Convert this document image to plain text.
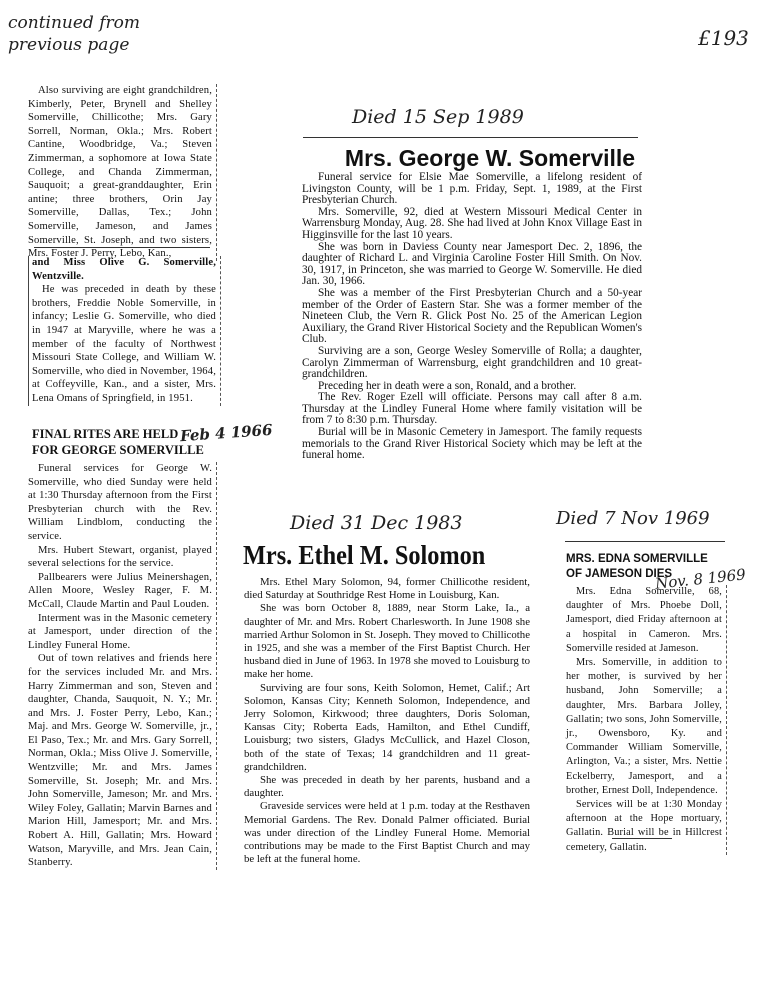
continued from
previous page	£193
Died 15 Sep 1989
Died 31 Dec 1983	Died 7 Nov 1969
Feb 4 1966
Nov. 8 1969

Also surviving are eight grandchildren, Kimberly, Peter, Brynell and Shelley Somerville, Chillicothe; Mrs. Gary Sorrell, Norman, Okla.; Mrs. Robert Cantine, Woodbridge, Va.; Steven Zimmerman, a sophomore at Iowa State College, and Chanda Zimmerman, Sauquoit; a great-granddaughter, Erin antine; three brothers, Orin Jay Somerville, Dallas, Tex.; John Somerville, Jameson, and James Somerville, St. Joseph, and two sisters, Mrs. Foster J. Perry, Lebo, Kan.,

and Miss Olive G. Somerville, Wentzville.

He was preceded in death by these brothers, Freddie Noble Somerville, in infancy; Leslie G. Somerville, who died in 1947 at Maryville, where he was a member of the faculty of Northwest Missouri State College, and William W. Somerville, who died in November, 1964, at Coffeyville, Kan., and a sister, Mrs. Lena Omans of Springfield, in 1951.

FINAL RITES ARE HELD
FOR GEORGE SOMERVILLE

Funeral services for George W. Somerville, who died Sunday were held at 1:30 Thursday afternoon from the First Presbyterian church with the Rev. William Lindblom, conducting the service.

Mrs. Hubert Stewart, organist, played several selections for the service.

Pallbearers were Julius Meinershagen, Allen Moore, Wesley Rager, F. M. McCall, Claude Martin and Paul Louden.

Interment was in the Masonic cemetery at Jamesport, under direction of the Lindley Funeral Home.

Out of town relatives and friends here for the services included Mr. and Mrs. Harry Zimmerman and son, Steven and daughter, Chanda, Sauquoit, N. Y.; Mr. and Mrs. J. Foster Perry, Lebo, Kan.; Maj. and Mrs. George W. Somerville, jr., El Paso, Tex.; Mr. and Mrs. Gary Sorrell, Norman, Okla.; Miss Olive J. Somerville, Wentzville; Mr. and Mrs. James Somerville, St. Joseph; Mr. and Mrs. John Somerville, Jameson; Mr. and Mrs. Wiley Foley, Gallatin; Marvin Barnes and Marion Hill, Jamesport; Mr. and Mrs. Robert A. Hill, Gallatin; Mrs. Howard Watson, Maryville, and Mrs. Jean Cain, Stanberry.

Mrs. George W. Somerville

Funeral service for Elsie Mae Somerville, a lifelong resident of Livingston County, will be 1 p.m. Friday, Sept. 1, 1989, at the First Presbyterian Church.

Mrs. Somerville, 92, died at Western Missouri Medical Center in Warrensburg Monday, Aug. 28. She had lived at John Knox Village East in Higginsville for the last 10 years.

She was born in Daviess County near Jamesport Dec. 2, 1896, the daughter of Richard L. and Virginia Caroline Foster Hill Smith. On Nov. 30, 1917, in Princeton, she was married to George W. Somerville. He died Jan. 30, 1966.

She was a member of the First Presbyterian Church and a 50-year member of the Order of Eastern Star. She was a former member of the Nineteen Club, the Vern R. Glick Post No. 25 of the American Legion Auxiliary, the Grand River Historical Society and the Republican Women's Club.

Surviving are a son, George Wesley Somerville of Rolla; a daughter, Carolyn Zimmerman of Warrensburg, eight grandchildren and 10 great-grandchildren.

Preceding her in death were a son, Ronald, and a brother.

The Rev. Roger Ezell will officiate. Persons may call after 8 a.m. Thursday at the Lindley Funeral Home where family visitation will be from 7 to 8:30 p.m. Thursday.

Burial will be in Masonic Cemetery in Jamesport. The family requests memorials to the Grand River Historical Society which may be left at the funeral home.

Mrs. Ethel M. Solomon

Mrs. Ethel Mary Solomon, 94, former Chillicothe resident, died Saturday at Southridge Rest Home in Louisburg, Kan.

She was born October 8, 1889, near Storm Lake, Ia., a daughter of Mr. and Mrs. Robert Charlesworth. In June 1908 she married Arthur Solomon in St. Joseph. They moved to Chillicothe in 1925, and she was a member of the First Baptist Church. Her husband died in June of 1963. In 1978 she moved to Louisburg to make her home.

Surviving are four sons, Keith Solomon, Hemet, Calif.; Art Solomon, Kansas City; Kenneth Solomon, Independence, and Jerry Solomon, Kirkwood; three daughters, Doris Soloman, Kansas City; Roberta Eads, Hamilton, and Ethel Cundiff, Louisburg; two sisters, Gladys McCullick, and Hazel Closon, both of the state of Texas; 14 grandchildren and 11 great-grandchildren.

She was preceded in death by her parents, husband and a daughter.

Graveside services were held at 1 p.m. today at the Resthaven Memorial Gardens. The Rev. Donald Palmer officiated. Burial was under direction of the Lindley Funeral Home. Memorial contributions may be made to the First Baptist Church and may be left at the funeral home.

MRS. EDNA SOMERVILLE
OF JAMESON DIES

Mrs. Edna Somerville, 68, daughter of Mrs. Phoebe Doll, Jamesport, died Friday afternoon at a hospital in Cameron. Mrs. Somerville resided at Jameson.

Mrs. Somerville, in addition to her mother, is survived by her husband, John Somerville; a daughter, Mrs. Barbara Jolley, Gallatin; two sons, John Somerville, jr., Owensboro, Ky. and Commander William Somerville, Arlington, Va.; a sister, Mrs. Nettie Eckelberry, Jamesport, and a brother, Ernest Doll, Independence.

Services will be at 1:30 Monday afternoon at the Hope mortuary, Gallatin. Burial will be in Hillcrest cemetery, Gallatin.
